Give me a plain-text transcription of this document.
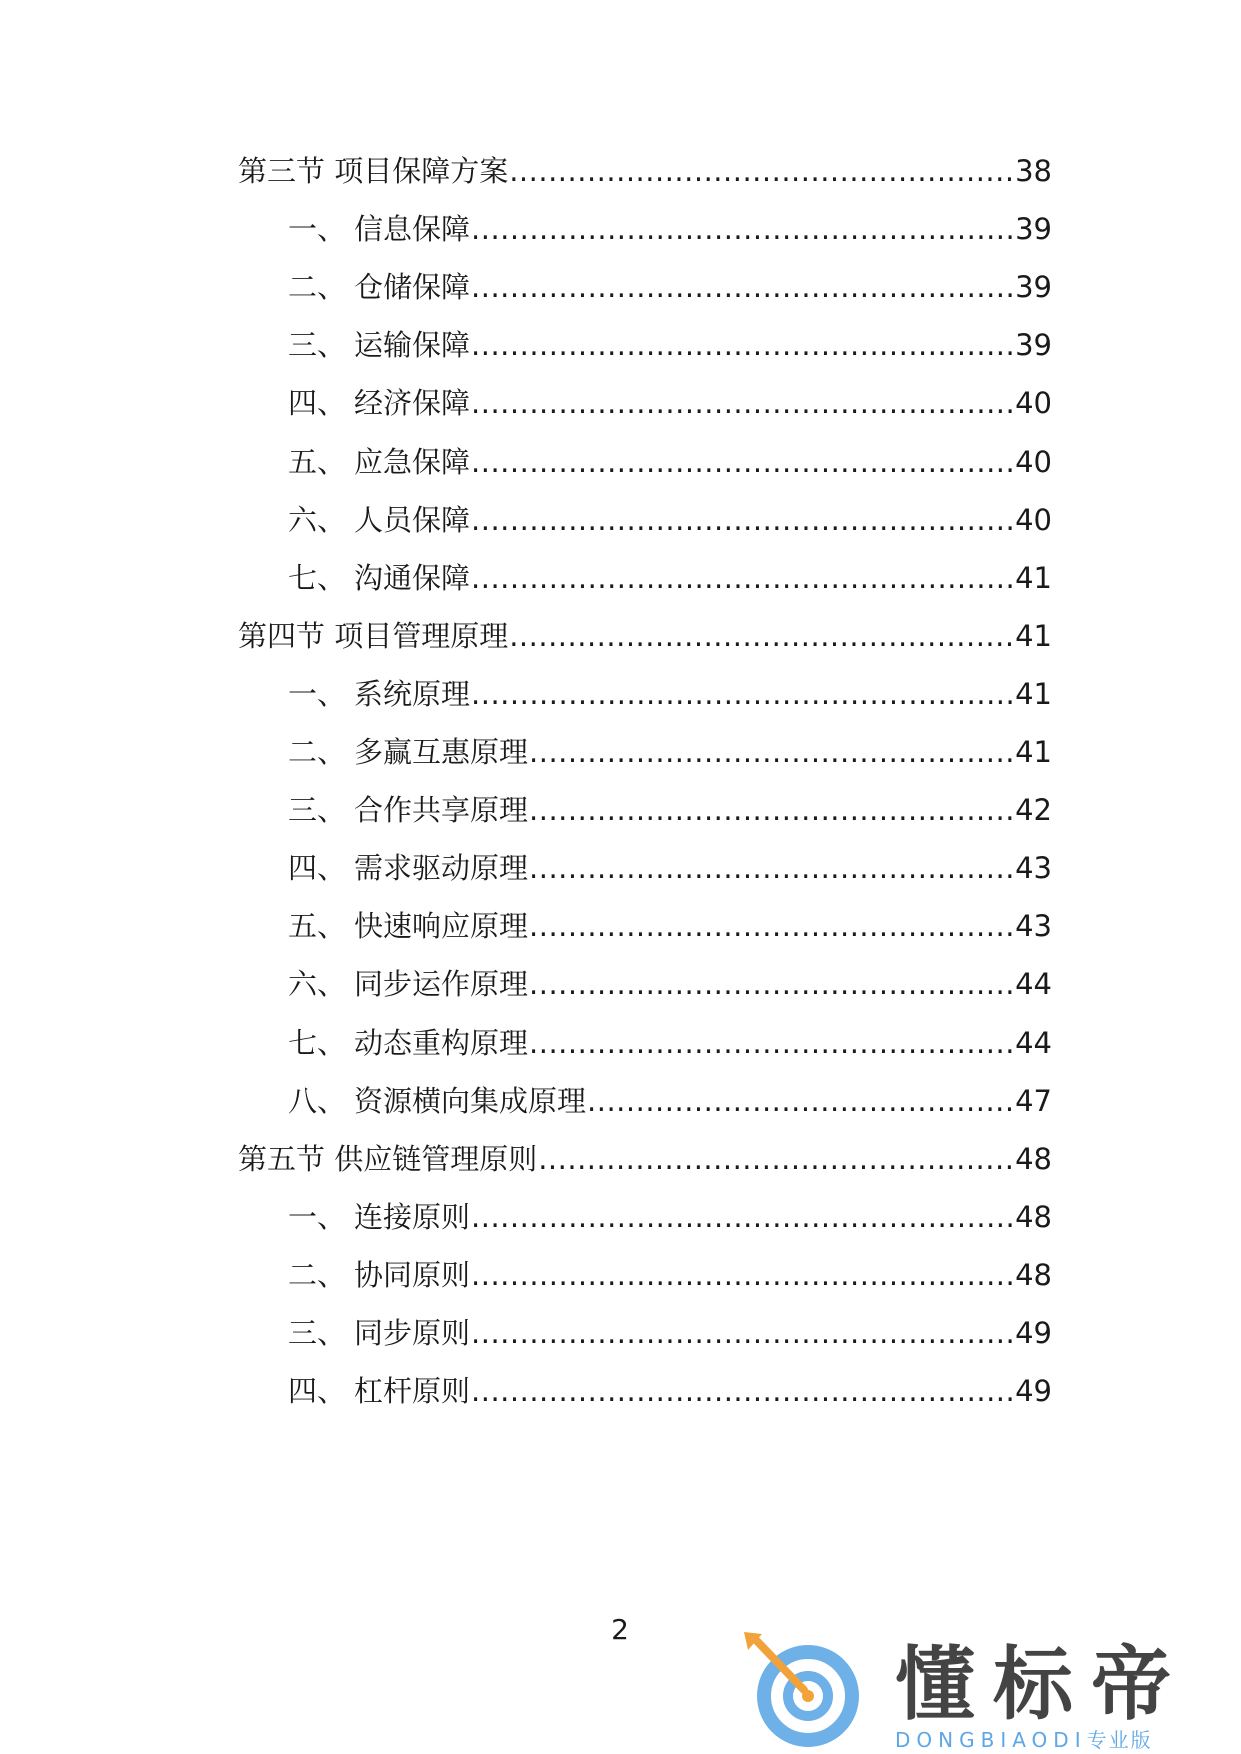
第三节 项目保障方案 .....	38
一、 信息保障 .....	39
二、 仓储保障 .....	39
三、 运输保障 .....	39
四、 经济保障 .....	40
五、 应急保障 .....	40
六、 人员保障 .....	40
七、 沟通保障 .....	41
第四节 项目管理原理 .....	41
一、 系统原理 .....	41
二、 多赢互惠原理 .....	41
三、 合作共享原理 .....	42
四、 需求驱动原理 .....	43
五、 快速响应原理 .....	43
六、 同步运作原理 .....	44
七、 动态重构原理 .....	44
八、 资源横向集成原理 .....	47
第五节 供应链管理原则 .....	48
一、 连接原则 .....	48
二、 协同原则 .....	48
三、 同步原则 .....	49
四、 杠杆原则 .....	49
2
懂标帝
DONGBIAODI专业版
